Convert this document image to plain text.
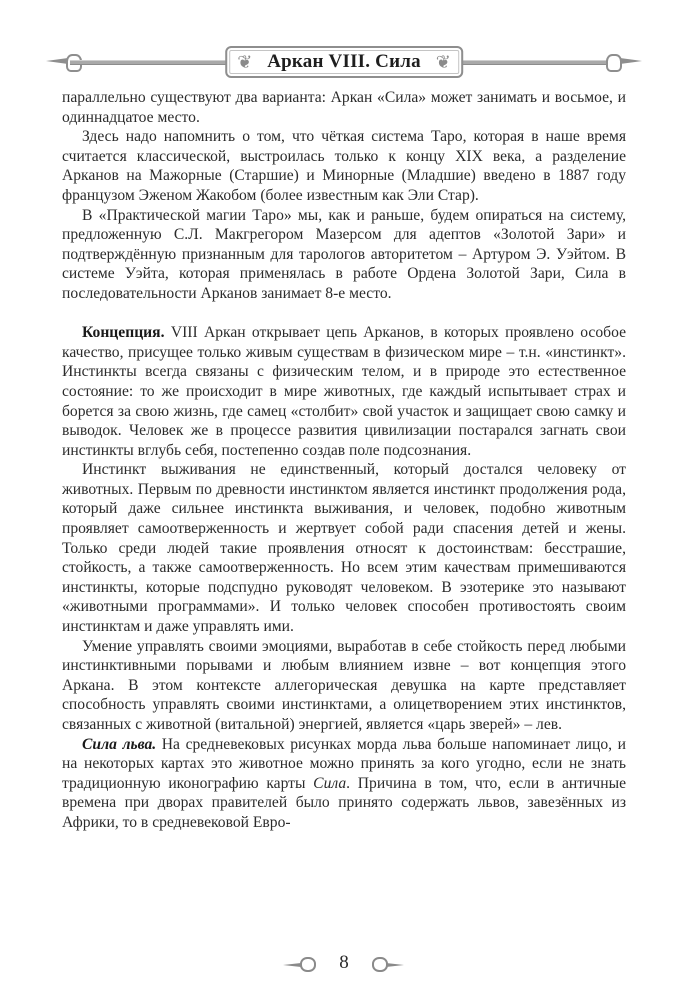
❦ Аркан VIII. Сила ❦

параллельно существуют два варианта: Аркан «Сила» может занимать и восьмое, и одиннадцатое место.

Здесь надо напомнить о том, что чёткая система Таро, которая в наше время считается классической, выстроилась только к концу XIX века, а разделение Арканов на Мажорные (Старшие) и Минорные (Младшие) введено в 1887 году французом Эженом Жакобом (более известным как Эли Стар).

В «Практической магии Таро» мы, как и раньше, будем опираться на систему, предложенную С.Л. Макгрегором Мазерсом для адептов «Золотой Зари» и подтверждённую признанным для тарологов авторитетом – Артуром Э. Уэйтом. В системе Уэйта, которая применялась в работе Ордена Золотой Зари, Сила в последовательности Арканов занимает 8-е место.

Концепция. VIII Аркан открывает цепь Арканов, в которых проявлено особое качество, присущее только живым существам в физическом мире – т.н. «инстинкт». Инстинкты всегда связаны с физическим телом, и в природе это естественное состояние: то же происходит в мире животных, где каждый испытывает страх и борется за свою жизнь, где самец «столбит» свой участок и защищает свою самку и выводок. Человек же в процессе развития цивилизации постарался загнать свои инстинкты вглубь себя, постепенно создав поле подсознания.

Инстинкт выживания не единственный, который достался человеку от животных. Первым по древности инстинктом является инстинкт продолжения рода, который даже сильнее инстинкта выживания, и человек, подобно животным проявляет самоотверженность и жертвует собой ради спасения детей и жены. Только среди людей такие проявления относят к достоинствам: бесстрашие, стойкость, а также самоотверженность. Но всем этим качествам примешиваются инстинкты, которые подспудно руководят человеком. В эзотерике это называют «животными программами». И только человек способен противостоять своим инстинктам и даже управлять ими.

Умение управлять своими эмоциями, выработав в себе стойкость перед любыми инстинктивными порывами и любым влиянием извне – вот концепция этого Аркана. В этом контексте аллегорическая девушка на карте представляет способность управлять своими инстинктами, а олицетворением этих инстинктов, связанных с животной (витальной) энергией, является «царь зверей» – лев.

Сила льва. На средневековых рисунках морда льва больше напоминает лицо, и на некоторых картах это животное можно принять за кого угодно, если не знать традиционную иконографию карты Сила. Причина в том, что, если в античные времена при дворах правителей было принято содержать львов, завезённых из Африки, то в средневековой Евро-

8
